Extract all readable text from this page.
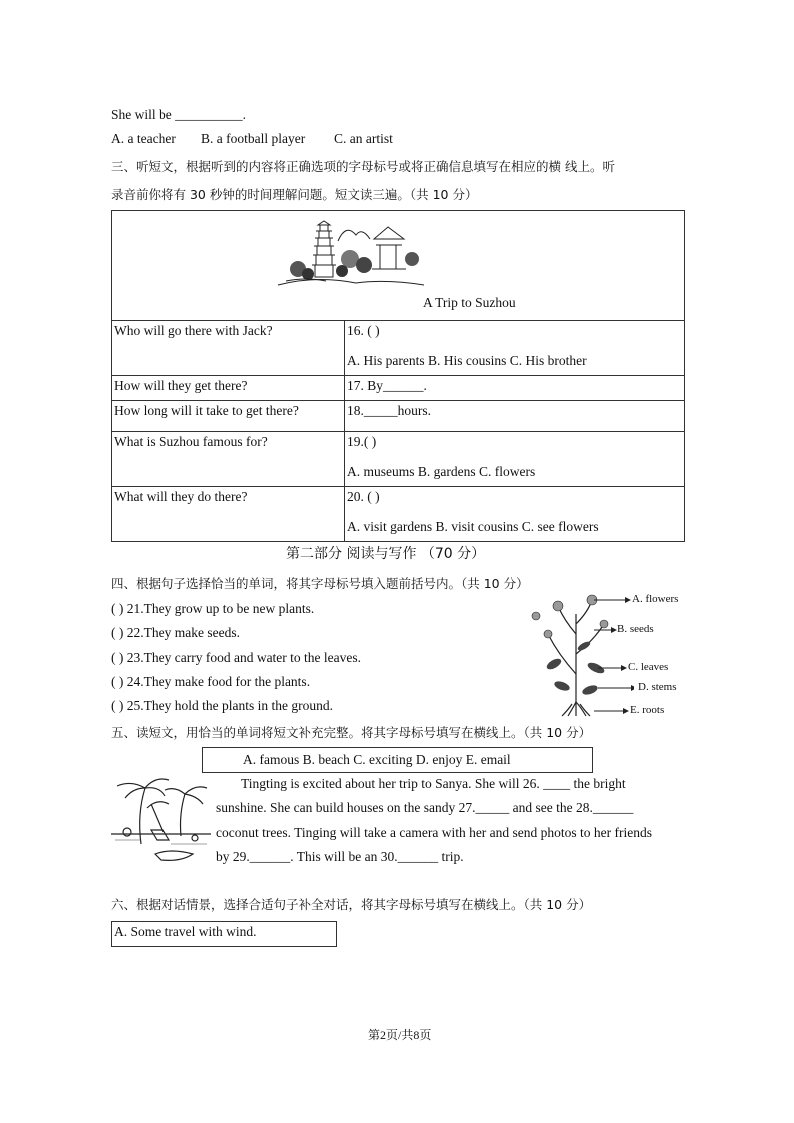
She will be __________.
A. a teacher B. a football player C. an artist
三、听短文，根据听到的内容将正确选项的字母标号或将正确信息填写在相应的横 线上。听
录音前你将有 30 秒钟的时间理解问题。短文读三遍。（共 10 分）
A Trip to Suzhou	

Who will go there with Jack?	16. ( )
A. His parents B. His cousins C. His brother

How will they get there?	17. By______.
How long will it take to get there?	18._____hours.
What is Suzhou famous for?	19.( )
A. museums B. gardens C. flowers

What will they do there?	20. ( )
A. visit gardens B. visit cousins C. see flowers
第二部分 阅读与写作 （70 分）
四、根据句子选择恰当的单词，将其字母标号填入题前括号内。（共 10 分）
( ) 21.They grow up to be new plants.
( ) 22.They make seeds.
( ) 23.They carry food and water to the leaves.
( ) 24.They make food for the plants.
( ) 25.They hold the plants in the ground.
A. flowers
B. seeds
C. leaves
D. stems
E. roots
五、读短文，用恰当的单词将短文补充完整。将其字母标号填写在横线上。（共 10 分）
A. famous B. beach C. exciting D. enjoy E. email
Tingting is excited about her trip to Sanya. She will 26. ____ the bright
sunshine. She can build houses on the sandy 27._____ and see the 28.______
coconut trees. Tinging will take a camera with her and send photos to her friends
by 29.______. This will be an 30.______ trip.
六、根据对话情景，选择合适句子补全对话，将其字母标号填写在横线上。（共 10 分）
A. Some travel with wind.
第2页/共8页
